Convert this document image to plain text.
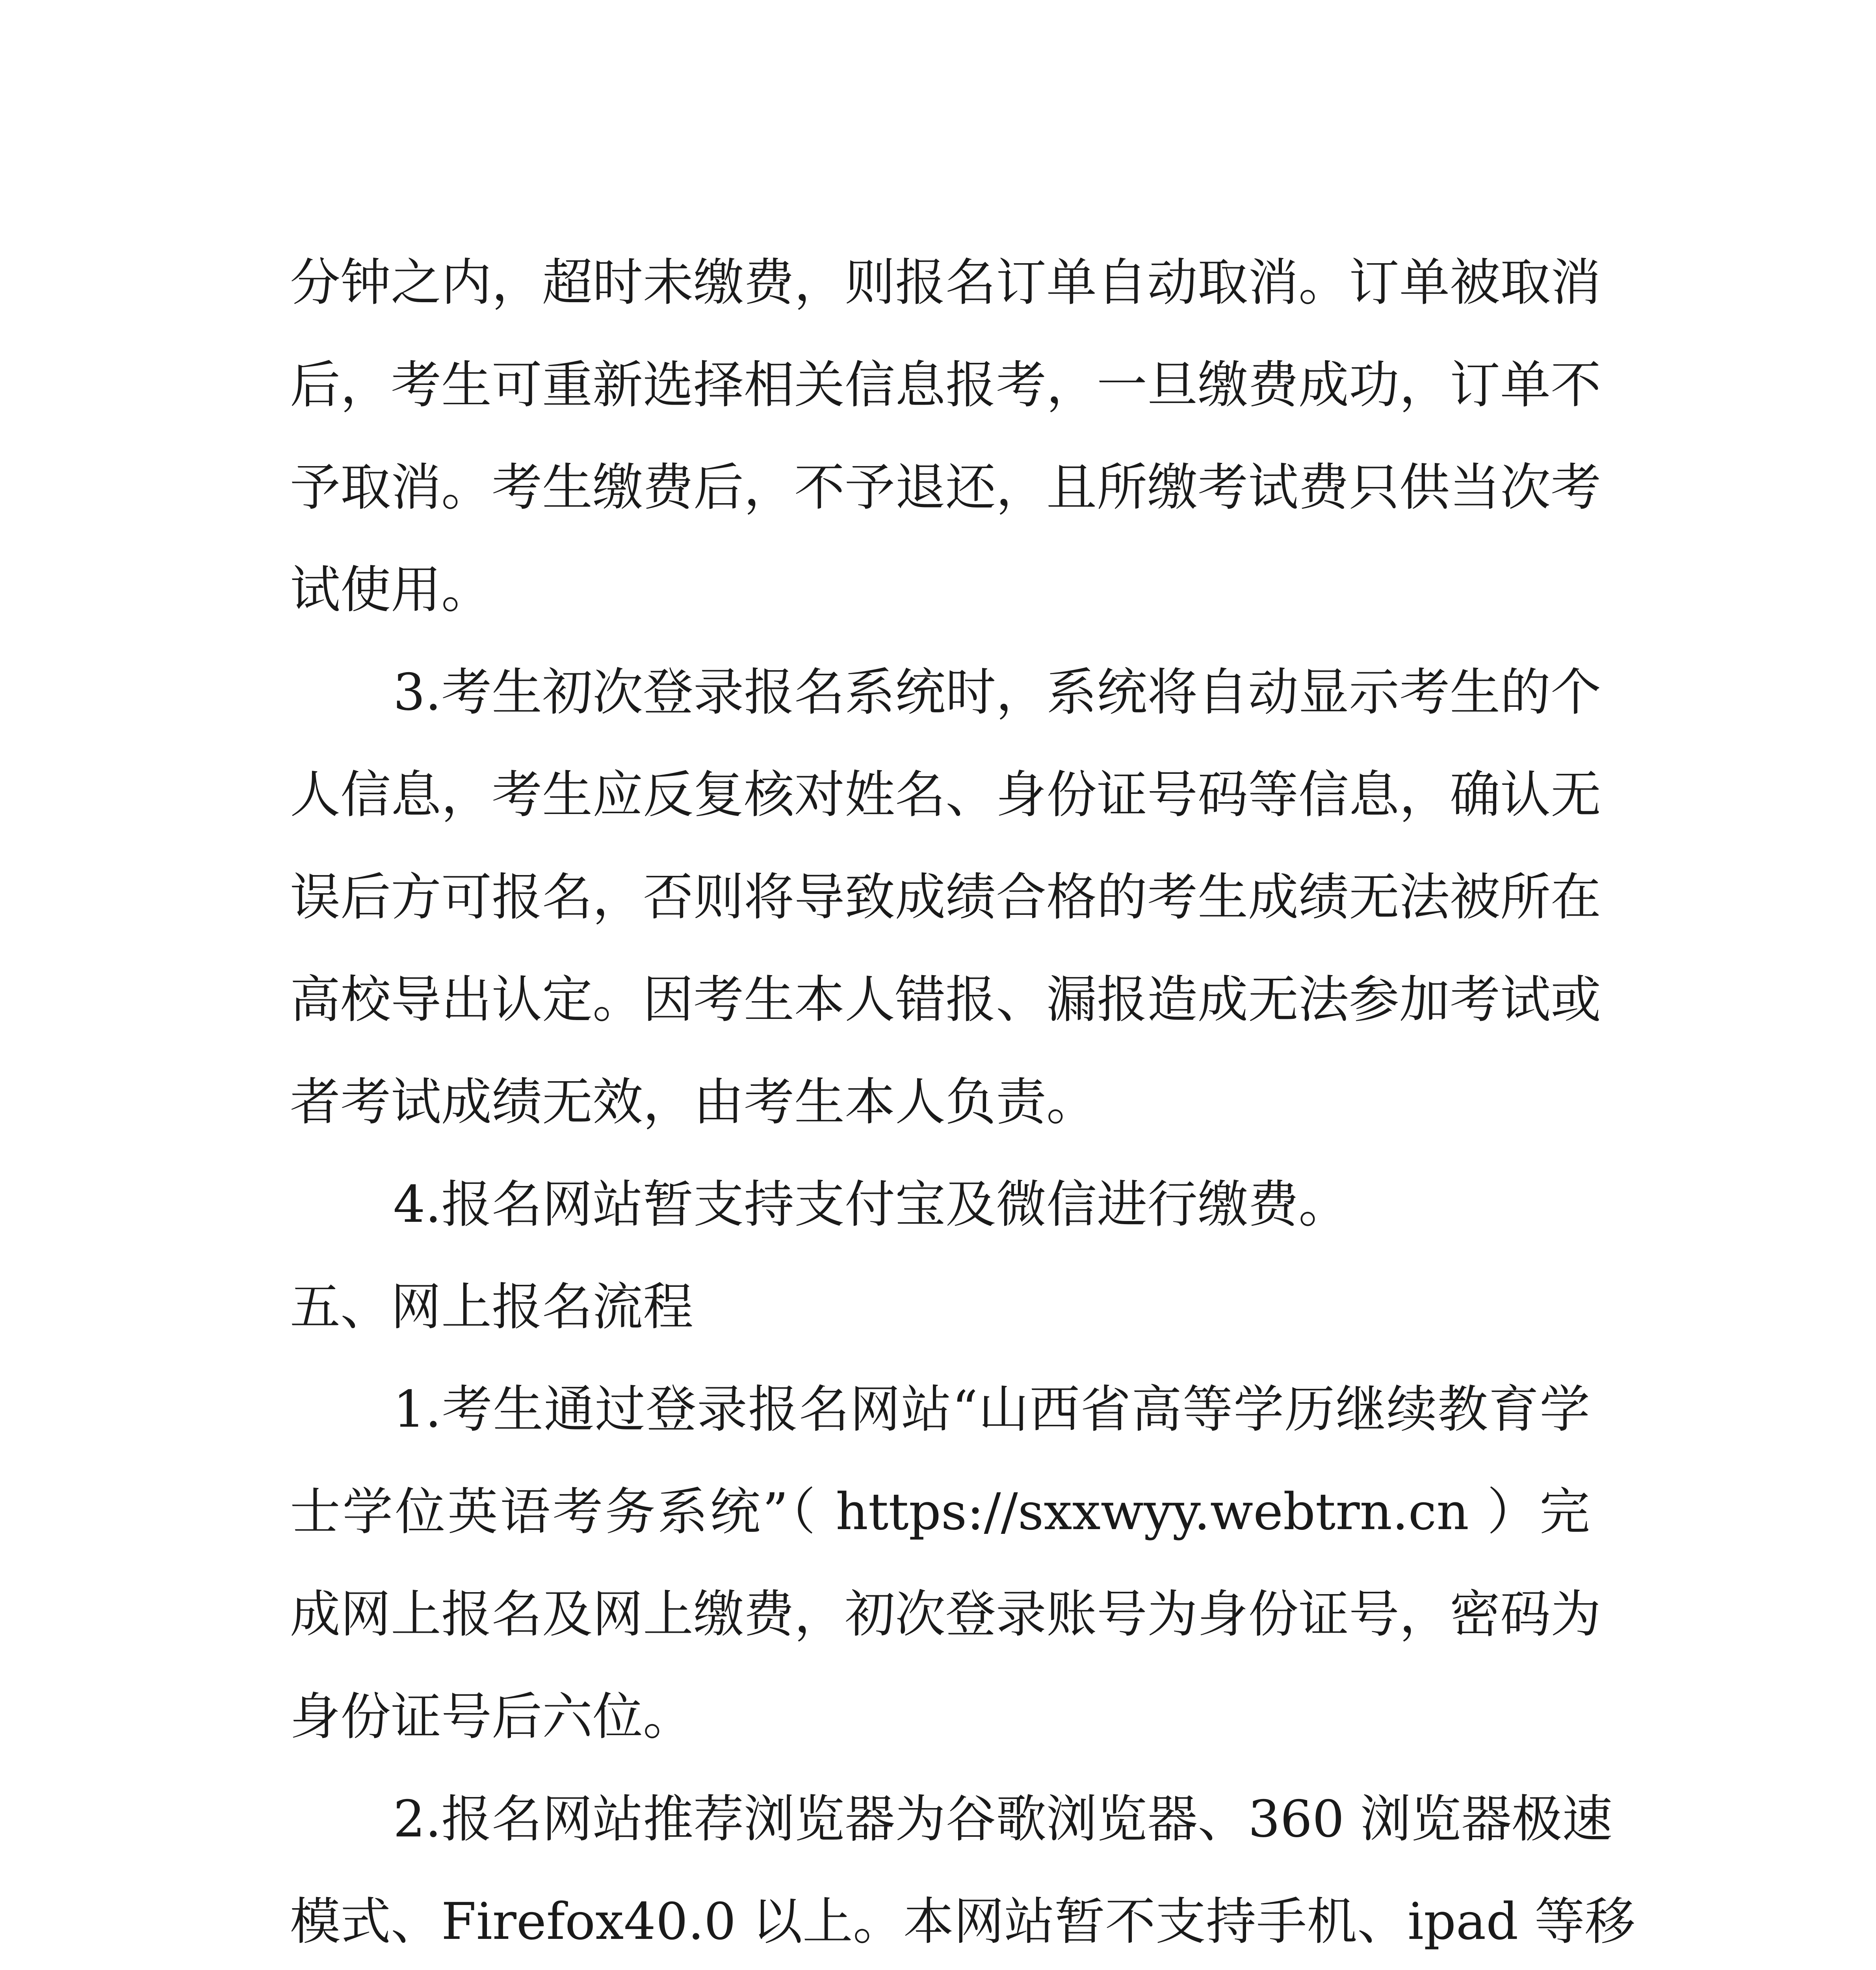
分钟之内，超时未缴费，则报名订单自动取消。订单被取消
后，考生可重新选择相关信息报考，一旦缴费成功，订单不
予取消。考生缴费后，不予退还，且所缴考试费只供当次考
试使用。
3.考生初次登录报名系统时，系统将自动显示考生的个
人信息，考生应反复核对姓名、身份证号码等信息，确认无
误后方可报名，否则将导致成绩合格的考生成绩无法被所在
高校导出认定。因考生本人错报、漏报造成无法参加考试或
者考试成绩无效，由考生本人负责。
4.报名网站暂支持支付宝及微信进行缴费。
五、网上报名流程
1.考生通过登录报名网站“山西省高等学历继续教育学
士学位英语考务系统”（ https://sxxwyy.webtrn.cn ）完
成网上报名及网上缴费，初次登录账号为身份证号，密码为
身份证号后六位。
2.报名网站推荐浏览器为谷歌浏览器、360 浏览器极速
模式、Firefox40.0 以上。本网站暂不支持手机、ipad 等移
